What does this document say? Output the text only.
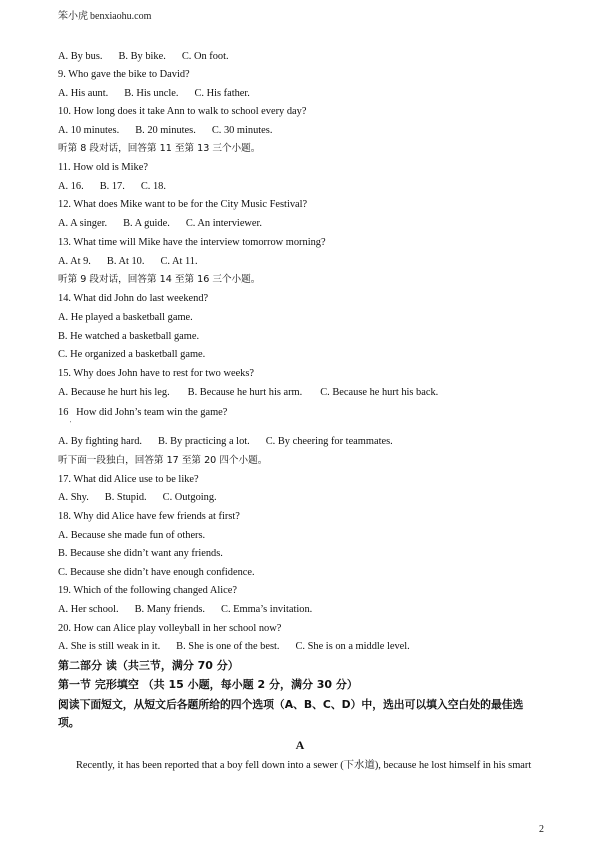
笨小虎 benxiaohu.com
A. By bus. B. By bike. C. On foot.
9. Who gave the bike to David?
A. His aunt. B. His uncle. C. His father.
10. How long does it take Ann to walk to school every day?
A. 10 minutes. B. 20 minutes. C. 30 minutes.
听第 8 段对话，回答第 11 至第 13 三个小题。
11. How old is Mike?
A. 16. B. 17. C. 18.
12. What does Mike want to be for the City Music Festival?
A. A singer. B. A guide. C. An interviewer.
13. What time will Mike have the interview tomorrow morning?
A. At 9. B. At 10. C. At 11.
听第 9 段对话，回答第 14 至第 16 三个小题。
14. What did John do last weekend?
A. He played a basketball game.
B. He watched a basketball game.
C. He organized a basketball game.
15. Why does John have to rest for two weeks?
A. Because he hurt his leg. B. Because he hurt his arm. C. Because he hurt his back.
16   How did John’s team win the game?
'
A. By fighting hard. B. By practicing a lot. C. By cheering for teammates.
听下面一段独白，回答第 17 至第 20 四个小题。
17. What did Alice use to be like?
A. Shy. B. Stupid. C. Outgoing.
18. Why did Alice have few friends at first?
A. Because she made fun of others.
B. Because she didn’t want any friends.
C. Because she didn’t have enough confidence.
19. Which of the following changed Alice?
A. Her school. B. Many friends. C. Emma’s invitation.
20. How can Alice play volleyball in her school now?
A. She is still weak in it. B. She is one of the best. C. She is on a middle level.
第二部分 读（共三节，满分 70 分）
第一节 完形填空 （共 15 小题，每小题 2 分，满分 30 分）
阅读下面短文，从短文后各题所给的四个选项（A、B、C、D）中，选出可以填入空白处的最佳选项。
A
Recently, it has been reported that a boy fell down into a sewer (下水道), because he lost himself in his smart
2
